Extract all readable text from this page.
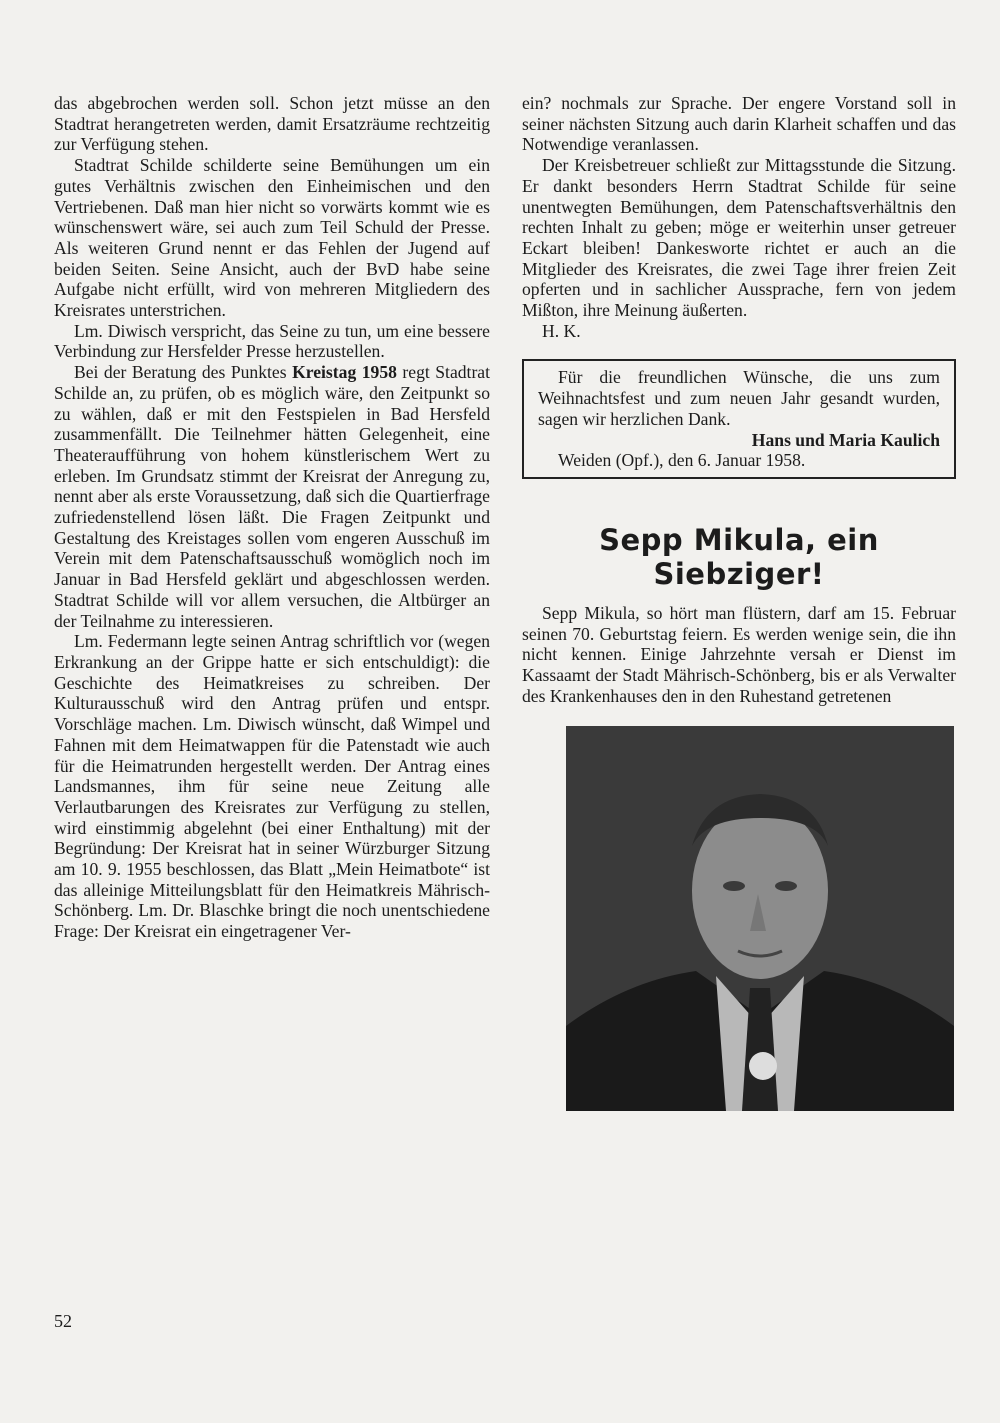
das abgebrochen werden soll. Schon jetzt müsse an den Stadtrat herangetreten werden, damit Ersatzräume rechtzeitig zur Verfügung stehen.

Stadtrat Schilde schilderte seine Bemühungen um ein gutes Verhältnis zwischen den Einheimischen und den Vertriebenen. Daß man hier nicht so vorwärts kommt wie es wünschenswert wäre, sei auch zum Teil Schuld der Presse. Als weiteren Grund nennt er das Fehlen der Jugend auf beiden Seiten. Seine Ansicht, auch der BvD habe seine Aufgabe nicht erfüllt, wird von mehreren Mitgliedern des Kreisrates unterstrichen.

Lm. Diwisch verspricht, das Seine zu tun, um eine bessere Verbindung zur Hersfelder Presse herzustellen.

Bei der Beratung des Punktes Kreistag 1958 regt Stadtrat Schilde an, zu prüfen, ob es möglich wäre, den Zeitpunkt so zu wählen, daß er mit den Festspielen in Bad Hersfeld zusammenfällt. Die Teilnehmer hätten Gelegenheit, eine Theateraufführung von hohem künstlerischem Wert zu erleben. Im Grundsatz stimmt der Kreisrat der Anregung zu, nennt aber als erste Voraussetzung, daß sich die Quartierfrage zufriedenstellend lösen läßt. Die Fragen Zeitpunkt und Gestaltung des Kreistages sollen vom engeren Ausschuß im Verein mit dem Patenschaftsausschuß womöglich noch im Januar in Bad Hersfeld geklärt und abgeschlossen werden. Stadtrat Schilde will vor allem versuchen, die Altbürger an der Teilnahme zu interessieren.

Lm. Federmann legte seinen Antrag schriftlich vor (wegen Erkrankung an der Grippe hatte er sich entschuldigt): die Geschichte des Heimatkreises zu schreiben. Der Kulturausschuß wird den Antrag prüfen und entspr. Vorschläge machen. Lm. Diwisch wünscht, daß Wimpel und Fahnen mit dem Heimatwappen für die Patenstadt wie auch für die Heimatrunden hergestellt werden. Der Antrag eines Landsmannes, ihm für seine neue Zeitung alle Verlautbarungen des Kreisrates zur Verfügung zu stellen, wird einstimmig abgelehnt (bei einer Enthaltung) mit der Begründung: Der Kreisrat hat in seiner Würzburger Sitzung am 10. 9. 1955 beschlossen, das Blatt „Mein Heimatbote“ ist das alleinige Mitteilungsblatt für den Heimatkreis Mährisch-Schönberg. Lm. Dr. Blaschke bringt die noch unentschiedene Frage: Der Kreisrat ein eingetragener Ver-

ein? nochmals zur Sprache. Der engere Vorstand soll in seiner nächsten Sitzung auch darin Klarheit schaffen und das Notwendige veranlassen.

Der Kreisbetreuer schließt zur Mittagsstunde die Sitzung. Er dankt besonders Herrn Stadtrat Schilde für seine unentwegten Bemühungen, dem Patenschaftsverhältnis den rechten Inhalt zu geben; möge er weiterhin unser getreuer Eckart bleiben! Dankesworte richtet er auch an die Mitglieder des Kreisrates, die zwei Tage ihrer freien Zeit opferten und in sachlicher Aussprache, fern von jedem Mißton, ihre Meinung äußerten.

H. K.

Für die freundlichen Wünsche, die uns zum Weihnachtsfest und zum neuen Jahr gesandt wurden, sagen wir herzlichen Dank.

Hans und Maria Kaulich

Weiden (Opf.), den 6. Januar 1958.

Sepp Mikula, ein Siebziger!

Sepp Mikula, so hört man flüstern, darf am 15. Februar seinen 70. Geburtstag feiern. Es werden wenige sein, die ihn nicht kennen. Einige Jahrzehnte versah er Dienst im Kassaamt der Stadt Mährisch-Schönberg, bis er als Verwalter des Krankenhauses den in den Ruhestand getretenen

52
